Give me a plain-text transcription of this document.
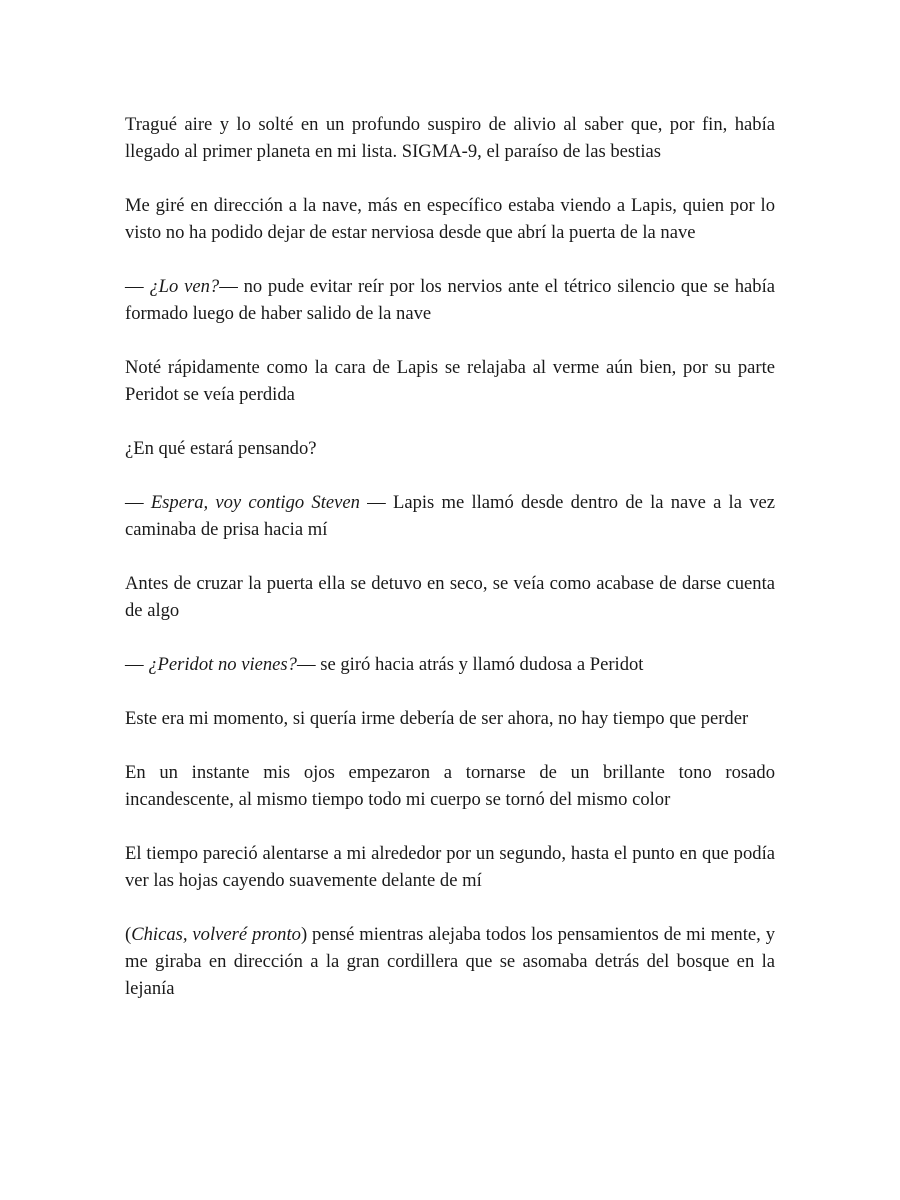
Tragué aire y lo solté en un profundo suspiro de alivio al saber que, por fin, había llegado al primer planeta en mi lista. SIGMA-9, el paraíso de las bestias

Me giré en dirección a la nave, más en específico estaba viendo a Lapis, quien por lo visto no ha podido dejar de estar nerviosa desde que abrí la puerta de la nave

— ¿Lo ven?— no pude evitar reír por los nervios ante el tétrico silencio que se había formado luego de haber salido de la nave

Noté rápidamente como la cara de Lapis se relajaba al verme aún bien, por su parte Peridot se veía perdida

¿En qué estará pensando?

— Espera, voy contigo Steven — Lapis me llamó desde dentro de la nave a la vez caminaba de prisa hacia mí

Antes de cruzar la puerta ella se detuvo en seco, se veía como acabase de darse cuenta de algo

— ¿Peridot no vienes?— se giró hacia atrás y llamó dudosa a Peridot

Este era mi momento, si quería irme debería de ser ahora, no hay tiempo que perder

En un instante mis ojos empezaron a tornarse de un brillante tono rosado incandescente, al mismo tiempo todo mi cuerpo se tornó del mismo color

El tiempo pareció alentarse a mi alrededor por un segundo, hasta el punto en que podía ver las hojas cayendo suavemente delante de mí

(Chicas, volveré pronto) pensé mientras alejaba todos los pensamientos de mi mente, y me giraba en dirección a la gran cordillera que se asomaba detrás del bosque en la lejanía
